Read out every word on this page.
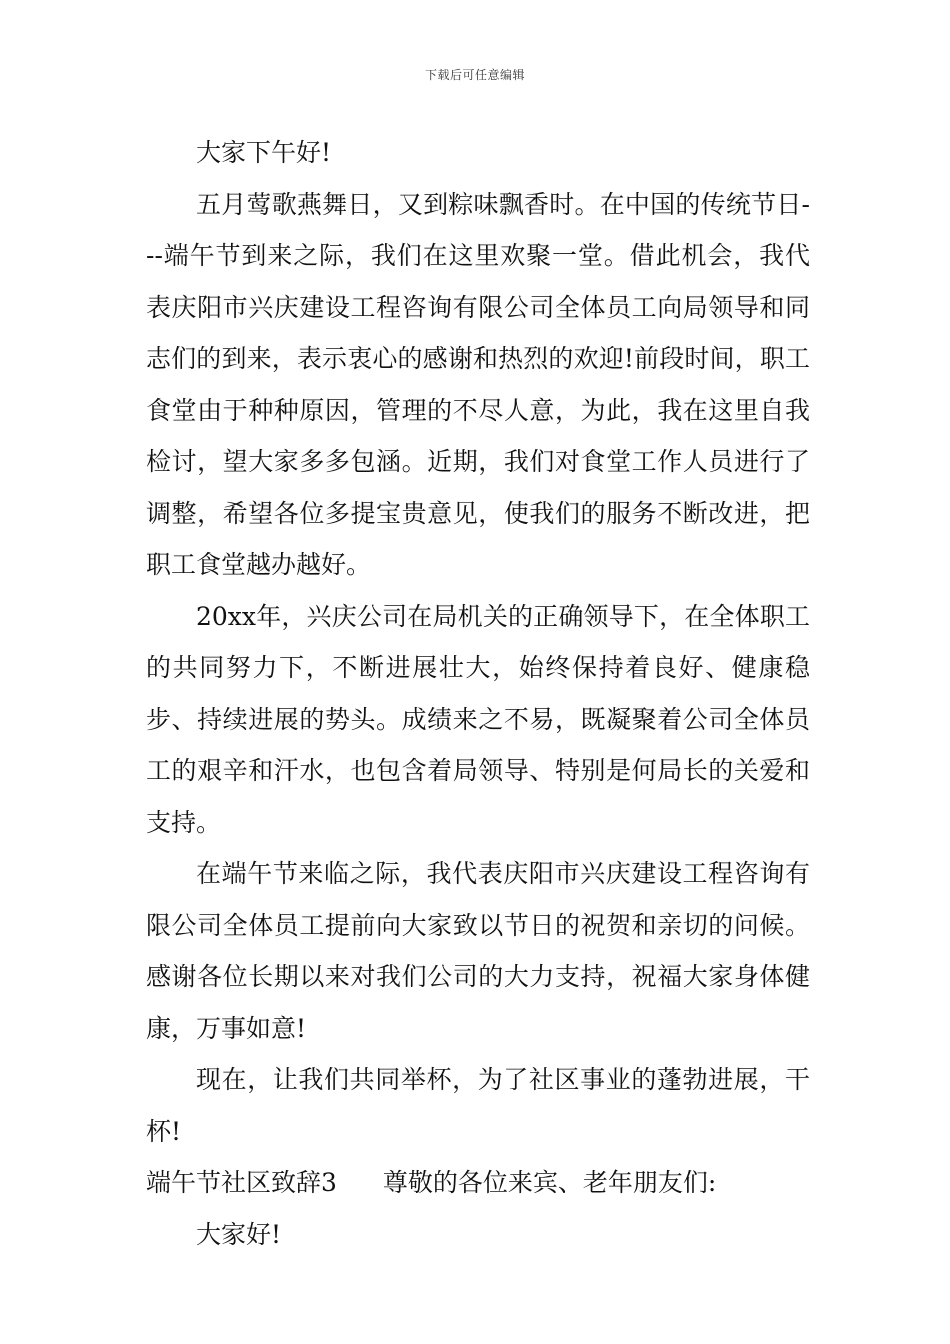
下载后可任意编辑

大家下午好!

五月莺歌燕舞日，又到粽味飘香时。在中国的传统节日---端午节到来之际，我们在这里欢聚一堂。借此机会，我代表庆阳市兴庆建设工程咨询有限公司全体员工向局领导和同志们的到来，表示衷心的感谢和热烈的欢迎!前段时间，职工食堂由于种种原因，管理的不尽人意，为此，我在这里自我检讨，望大家多多包涵。近期，我们对食堂工作人员进行了调整，希望各位多提宝贵意见，使我们的服务不断改进，把职工食堂越办越好。

20xx年，兴庆公司在局机关的正确领导下，在全体职工的共同努力下，不断进展壮大，始终保持着良好、健康稳步、持续进展的势头。成绩来之不易，既凝聚着公司全体员工的艰辛和汗水，也包含着局领导、特别是何局长的关爱和支持。

在端午节来临之际，我代表庆阳市兴庆建设工程咨询有限公司全体员工提前向大家致以节日的祝贺和亲切的问候。感谢各位长期以来对我们公司的大力支持，祝福大家身体健康，万事如意!

现在，让我们共同举杯，为了社区事业的蓬勃进展，干杯!

端午节社区致辞3 尊敬的各位来宾、老年朋友们:

大家好!
